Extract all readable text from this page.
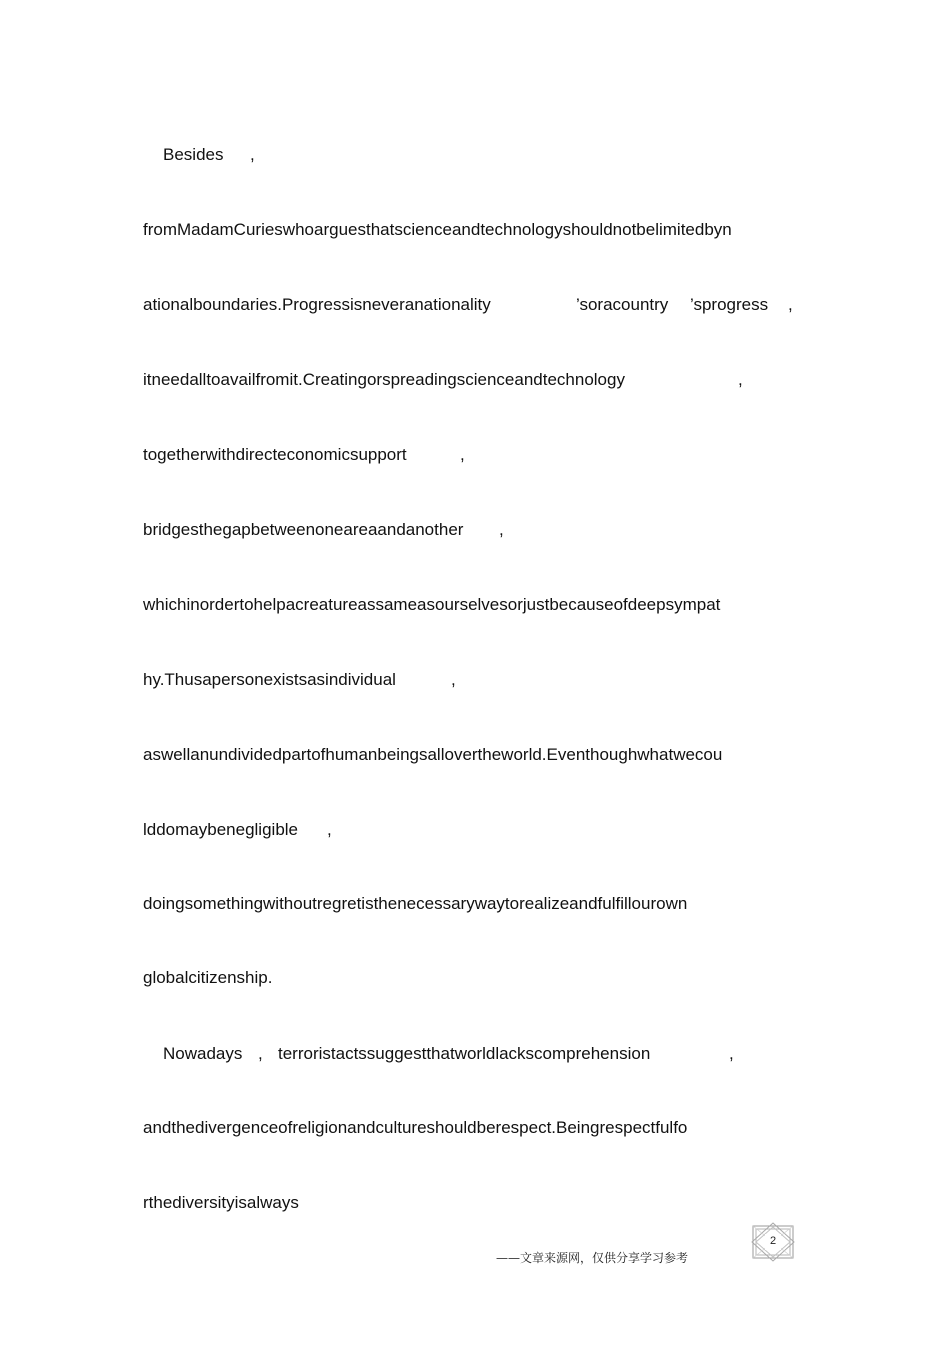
Besides ,
fromMadamCurieswhoarguesthatscienceandtechnologyshouldnotbelimitedbyn
ationalboundaries.Progressisneveranationality	’soracountry ’sprogress ,
itneedalltoavailfromit.Creatingorspreadingscienceandtechnology	,
togetherwithdirecteconomicsupport	,
bridgesthegapbetweenoneareaandanother ,
whichinordertohelpacreatureassameasourselvesorjustbecauseofdeepsympat
hy.Thusapersonexistsasindividual	,
aswellanundividedpartofhumanbeingsallovertheworld.Eventhoughwhatwecou
lddomaybenegligible ,
doingsomethingwithoutregretisthenecessarywaytorealizeandfulfillourown
globalcitizenship.
Nowadays , terroristactssuggestthatworldlackscomprehension	,
andthedivergenceofreligionandcultureshouldberespect.Beingrespectfulfo
rthediversityisalways
2
——文章来源网，仅供分享学习参考
